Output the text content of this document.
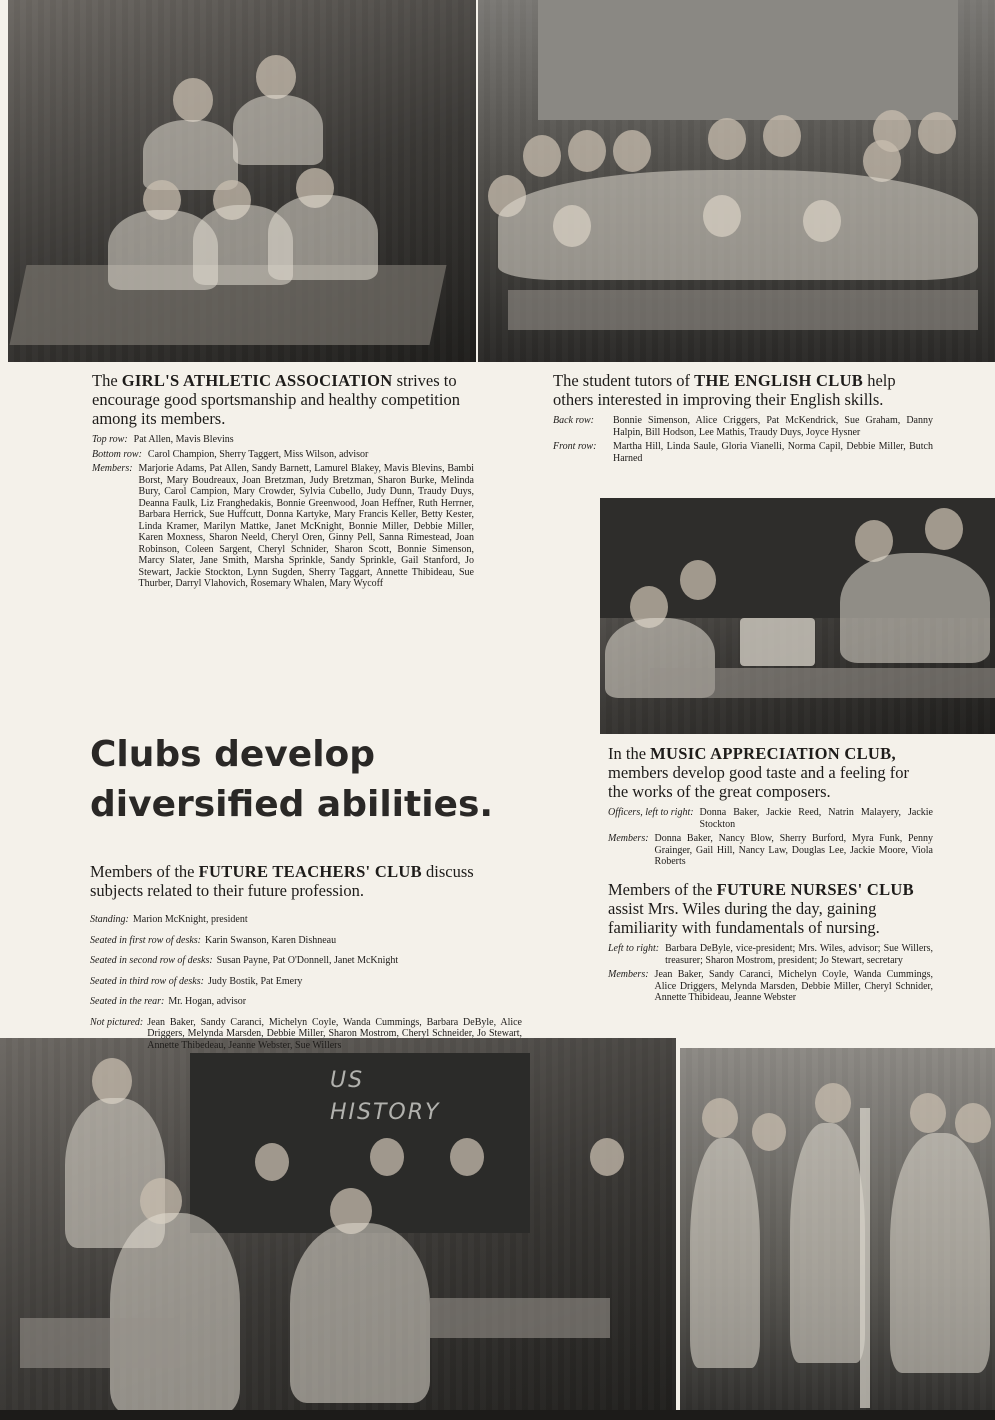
US
HISTORY
The GIRL'S ATHLETIC ASSOCIATION strives to encourage good sportsmanship and healthy competition among its members.
Top row: Pat Allen, Mavis Blevins
Bottom row: Carol Champion, Sherry Taggert, Miss Wilson, advisor
Members: Marjorie Adams, Pat Allen, Sandy Barnett, Lamurel Blakey, Mavis Blevins, Bambi Borst, Mary Boudreaux, Joan Bretzman, Judy Bretzman, Sharon Burke, Melinda Bury, Carol Campion, Mary Crowder, Sylvia Cubello, Judy Dunn, Traudy Duys, Deanna Faulk, Liz Franghedakis, Bonnie Greenwood, Joan Heffner, Ruth Herrner, Barbara Herrick, Sue Huffcutt, Donna Kartyke, Mary Francis Keller, Betty Kester, Linda Kramer, Marilyn Mattke, Janet McKnight, Bonnie Miller, Debbie Miller, Karen Moxness, Sharon Neeld, Cheryl Oren, Ginny Pell, Sanna Rimestead, Joan Robinson, Coleen Sargent, Cheryl Schnider, Sharon Scott, Bonnie Simenson, Marcy Slater, Jane Smith, Marsha Sprinkle, Sandy Sprinkle, Gail Stanford, Jo Stewart, Jackie Stockton, Lynn Sugden, Sherry Taggart, Annette Thibideau, Sue Thurber, Darryl Vlahovich, Rosemary Whalen, Mary Wycoff
The student tutors of THE ENGLISH CLUB help others interested in improving their English skills.
Back row:	Bonnie Simenson, Alice Criggers, Pat McKendrick, Sue Graham, Danny Halpin, Bill Hodson, Lee Mathis, Traudy Duys, Joyce Hysner
Front row:	Martha Hill, Linda Saule, Gloria Vianelli, Norma Capil, Debbie Miller, Butch Harned
Clubs develop diversified abilities.
Members of the FUTURE TEACHERS' CLUB discuss subjects related to their future profession.
Standing: Marion McKnight, president
Seated in first row of desks: Karin Swanson, Karen Dishneau
Seated in second row of desks: Susan Payne, Pat O'Donnell, Janet McKnight
Seated in third row of desks: Judy Bostik, Pat Emery
Seated in the rear: Mr. Hogan, advisor
Not pictured: Jean Baker, Sandy Caranci, Michelyn Coyle, Wanda Cummings, Barbara DeByle, Alice Driggers, Melynda Marsden, Debbie Miller, Sharon Mostrom, Cheryl Schneider, Jo Stewart, Annette Thibedeau, Jeanne Webster, Sue Willers
In the MUSIC APPRECIATION CLUB, members develop good taste and a feeling for the works of the great composers.
Officers, left to right: Donna Baker, Jackie Reed, Natrin Malayery, Jackie Stockton
Members: Donna Baker, Nancy Blow, Sherry Burford, Myra Funk, Penny Grainger, Gail Hill, Nancy Law, Douglas Lee, Jackie Moore, Viola Roberts
Members of the FUTURE NURSES' CLUB assist Mrs. Wiles during the day, gaining familiarity with fundamentals of nursing.
Left to right: Barbara DeByle, vice-president; Mrs. Wiles, advisor; Sue Willers, treasurer; Sharon Mostrom, president; Jo Stewart, secretary
Members: Jean Baker, Sandy Caranci, Michelyn Coyle, Wanda Cummings, Alice Driggers, Melynda Marsden, Debbie Miller, Cheryl Schnider, Annette Thibideau, Jeanne Webster
